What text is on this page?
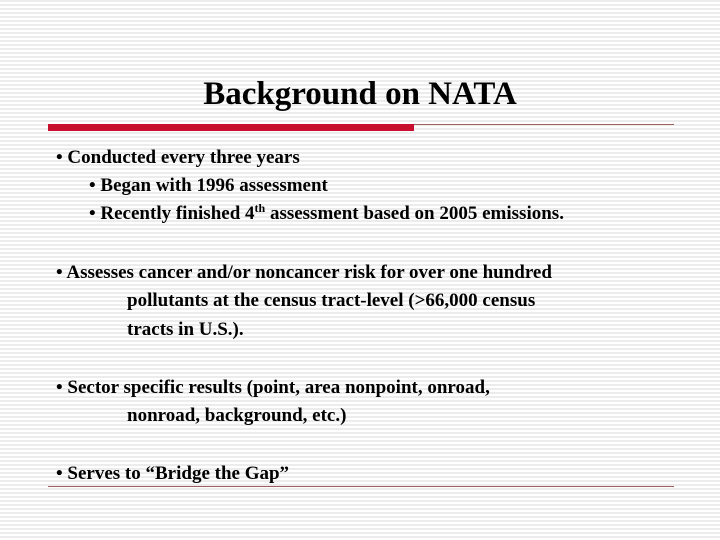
Background on NATA
• Conducted every three years
• Began with 1996 assessment
• Recently finished 4th assessment based on 2005 emissions.
• Assesses cancer and/or noncancer risk for over one hundred
pollutants at the census tract-level (>66,000 census
tracts in U.S.).
• Sector specific results (point, area nonpoint, onroad,
nonroad, background, etc.)
• Serves to “Bridge the Gap”
